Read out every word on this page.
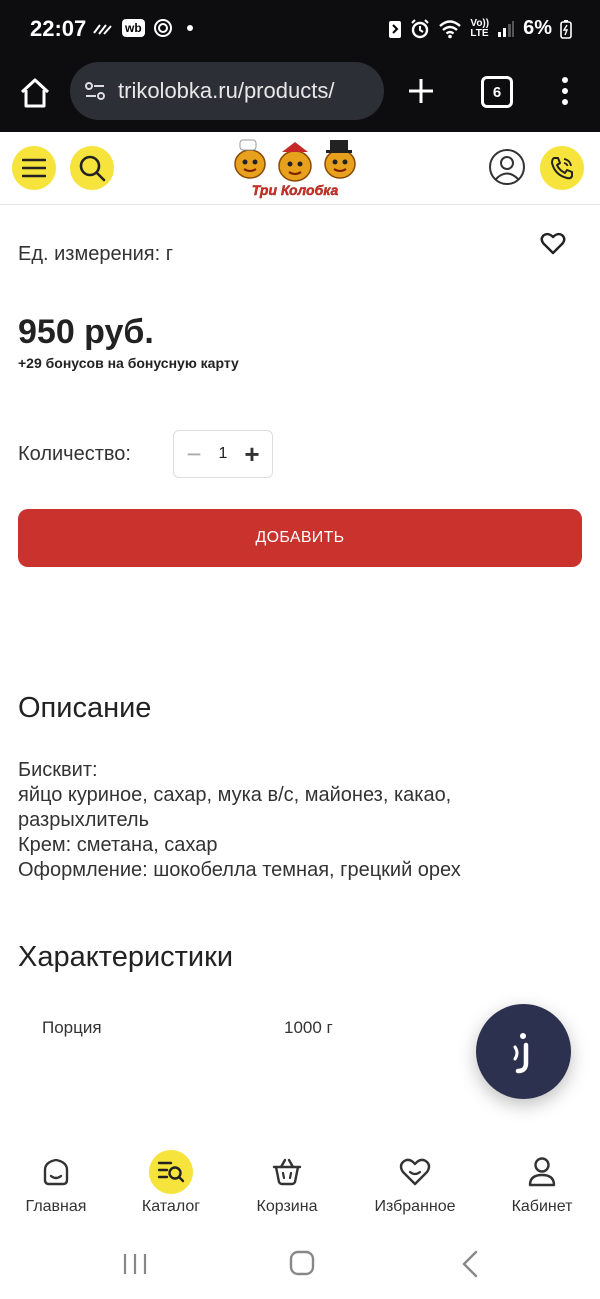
22:07	wb	Vo))
LTE 6%
trikolobka.ru/products/	6
Три Колобка
Ед. измерения: г
950 руб.
+29 бонусов на бонусную карту
Количество: − 1 +
ДОБАВИТЬ
Описание
Бисквит:
яйцо куриное, сахар, мука в/с, майонез, какао,
разрыхлитель
Крем: сметана, сахар
Оформление: шокобелла темная, грецкий орех
Характеристики
Порция	1000 г
Главная	Каталог	Корзина	Избранное	Кабинет
